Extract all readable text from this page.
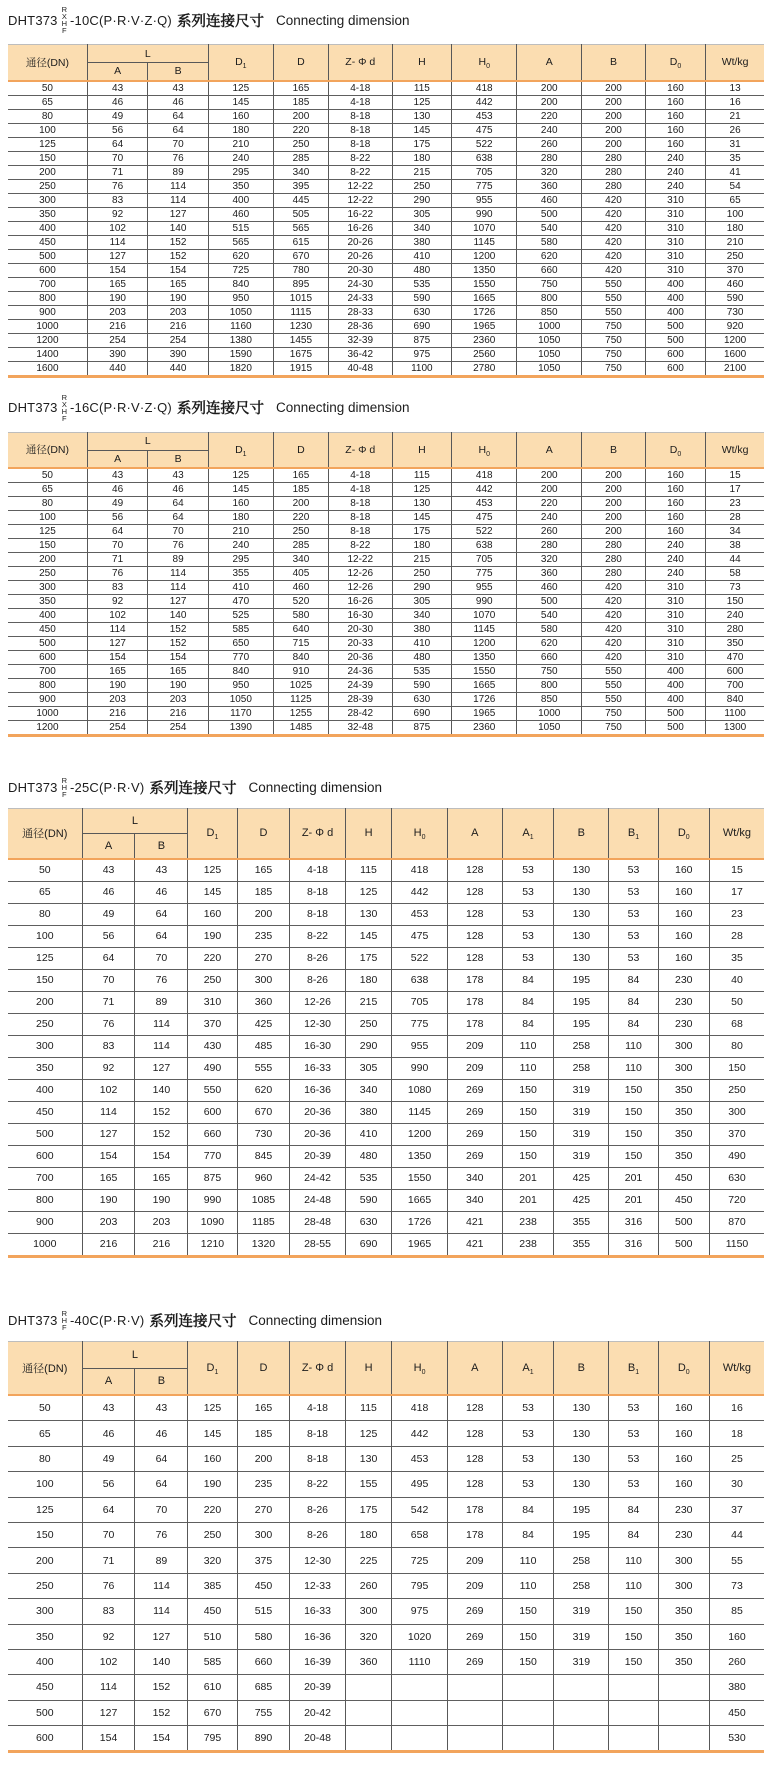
DHT373
R
X
H
F
-10C(P·R·V·Z·Q) 系列连接尺寸 Connecting dimension
通径(DN)	L		$D_1$	D	Z- Φ d	H	$H_0$	A	B	$D_0$	Wt/kg
	A	B									
50	43	43	125	165	4-18	115	418	200	200	160	13
65	46	46	145	185	4-18	125	442	200	200	160	16
80	49	64	160	200	8-18	130	453	220	200	160	21
100	56	64	180	220	8-18	145	475	240	200	160	26
125	64	70	210	250	8-18	175	522	260	200	160	31
150	70	76	240	285	8-22	180	638	280	280	240	35
200	71	89	295	340	8-22	215	705	320	280	240	41
250	76	114	350	395	12-22	250	775	360	280	240	54
300	83	114	400	445	12-22	290	955	460	420	310	65
350	92	127	460	505	16-22	305	990	500	420	310	100
400	102	140	515	565	16-26	340	1070	540	420	310	180
450	114	152	565	615	20-26	380	1145	580	420	310	210
500	127	152	620	670	20-26	410	1200	620	420	310	250
600	154	154	725	780	20-30	480	1350	660	420	310	370
700	165	165	840	895	24-30	535	1550	750	550	400	460
800	190	190	950	1015	24-33	590	1665	800	550	400	590
900	203	203	1050	1115	28-33	630	1726	850	550	400	730
1000	216	216	1160	1230	28-36	690	1965	1000	750	500	920
1200	254	254	1380	1455	32-39	875	2360	1050	750	500	1200
1400	390	390	1590	1675	36-42	975	2560	1050	750	600	1600
1600	440	440	1820	1915	40-48	1100	2780	1050	750	600	2100
DHT373
R
X
H
F
-16C(P·R·V·Z·Q) 系列连接尺寸 Connecting dimension
通径(DN)	L		$D_1$	D	Z- Φ d	H	$H_0$	A	B	$D_0$	Wt/kg
	A	B									
50	43	43	125	165	4-18	115	418	200	200	160	15
65	46	46	145	185	4-18	125	442	200	200	160	17
80	49	64	160	200	8-18	130	453	220	200	160	23
100	56	64	180	220	8-18	145	475	240	200	160	28
125	64	70	210	250	8-18	175	522	260	200	160	34
150	70	76	240	285	8-22	180	638	280	280	240	38
200	71	89	295	340	12-22	215	705	320	280	240	44
250	76	114	355	405	12-26	250	775	360	280	240	58
300	83	114	410	460	12-26	290	955	460	420	310	73
350	92	127	470	520	16-26	305	990	500	420	310	150
400	102	140	525	580	16-30	340	1070	540	420	310	240
450	114	152	585	640	20-30	380	1145	580	420	310	280
500	127	152	650	715	20-33	410	1200	620	420	310	350
600	154	154	770	840	20-36	480	1350	660	420	310	470
700	165	165	840	910	24-36	535	1550	750	550	400	600
800	190	190	950	1025	24-39	590	1665	800	550	400	700
900	203	203	1050	1125	28-39	630	1726	850	550	400	840
1000	216	216	1170	1255	28-42	690	1965	1000	750	500	1100
1200	254	254	1390	1485	32-48	875	2360	1050	750	500	1300
DHT373 R
H
F -25C(P·R·V) 系列连接尺寸 Connecting dimension
通径(DN)	L		$D_1$	D	Z- Φ d	H	$H_0$	A	$A_1$	B	$B_1$	$D_0$	Wt/kg
	A	B											
50	43	43	125	165	4-18	115	418	128	53	130	53	160	15
65	46	46	145	185	8-18	125	442	128	53	130	53	160	17
80	49	64	160	200	8-18	130	453	128	53	130	53	160	23
100	56	64	190	235	8-22	145	475	128	53	130	53	160	28
125	64	70	220	270	8-26	175	522	128	53	130	53	160	35
150	70	76	250	300	8-26	180	638	178	84	195	84	230	40
200	71	89	310	360	12-26	215	705	178	84	195	84	230	50
250	76	114	370	425	12-30	250	775	178	84	195	84	230	68
300	83	114	430	485	16-30	290	955	209	110	258	110	300	80
350	92	127	490	555	16-33	305	990	209	110	258	110	300	150
400	102	140	550	620	16-36	340	1080	269	150	319	150	350	250
450	114	152	600	670	20-36	380	1145	269	150	319	150	350	300
500	127	152	660	730	20-36	410	1200	269	150	319	150	350	370
600	154	154	770	845	20-39	480	1350	269	150	319	150	350	490
700	165	165	875	960	24-42	535	1550	340	201	425	201	450	630
800	190	190	990	1085	24-48	590	1665	340	201	425	201	450	720
900	203	203	1090	1185	28-48	630	1726	421	238	355	316	500	870
1000	216	216	1210	1320	28-55	690	1965	421	238	355	316	500	1150
DHT373 R
H
F -40C(P·R·V) 系列连接尺寸 Connecting dimension
通径(DN)	L		$D_1$	D	Z- Φ d	H	$H_0$	A	$A_1$	B	$B_1$	$D_0$	Wt/kg
	A	B											
50	43	43	125	165	4-18	115	418	128	53	130	53	160	16
65	46	46	145	185	8-18	125	442	128	53	130	53	160	18
80	49	64	160	200	8-18	130	453	128	53	130	53	160	25
100	56	64	190	235	8-22	155	495	128	53	130	53	160	30
125	64	70	220	270	8-26	175	542	178	84	195	84	230	37
150	70	76	250	300	8-26	180	658	178	84	195	84	230	44
200	71	89	320	375	12-30	225	725	209	110	258	110	300	55
250	76	114	385	450	12-33	260	795	209	110	258	110	300	73
300	83	114	450	515	16-33	300	975	269	150	319	150	350	85
350	92	127	510	580	16-36	320	1020	269	150	319	150	350	160
400	102	140	585	660	16-39	360	1110	269	150	319	150	350	260
450	114	152	610	685	20-39								380
500	127	152	670	755	20-42								450
600	154	154	795	890	20-48								530
